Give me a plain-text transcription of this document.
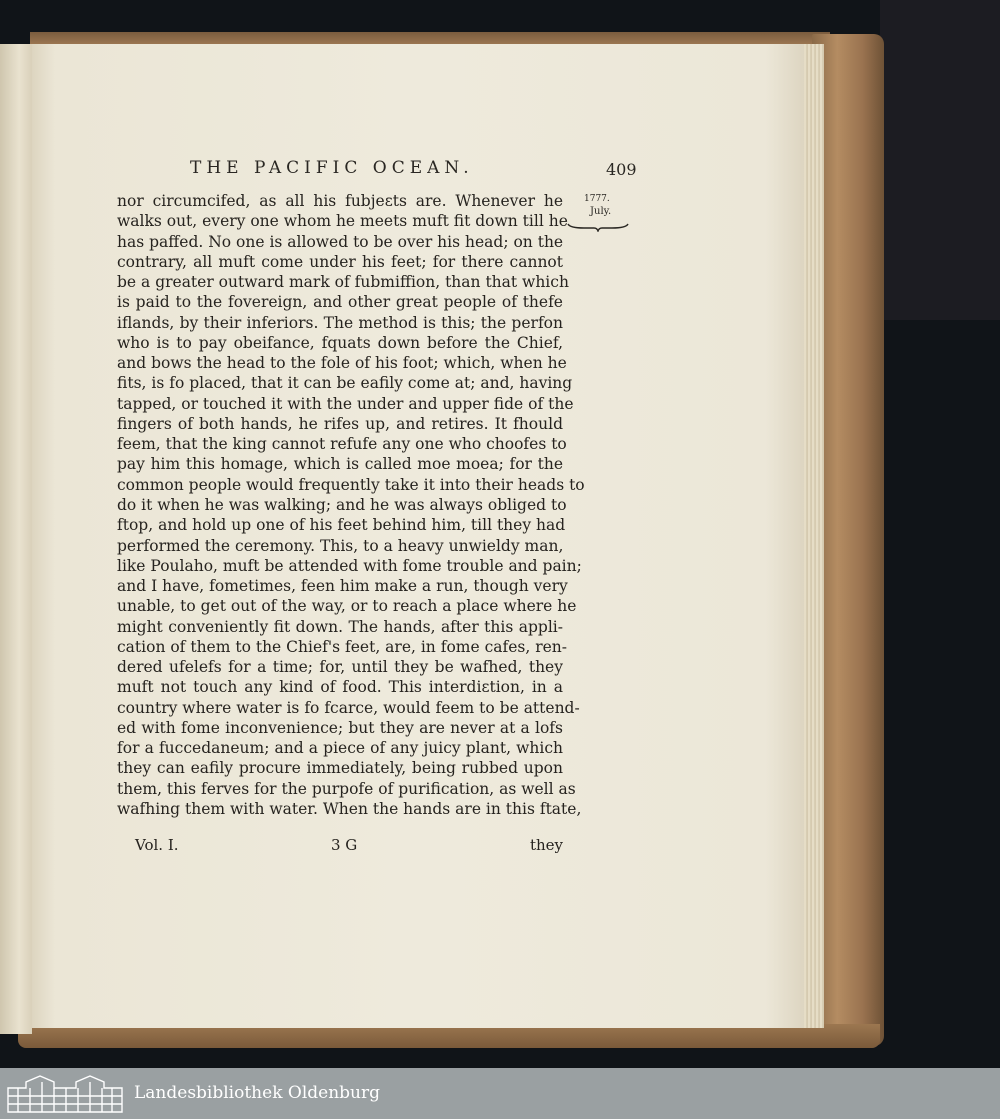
THE PACIFIC OCEAN.	409
1777.
July.
nor circumcifed, as all his fubjeɛts are. Whenever he
walks out, every one whom he meets muft fit down till he
has paffed. No one is allowed to be over his head; on the
contrary, all muft come under his feet; for there cannot
be a greater outward mark of fubmiffion, than that which
is paid to the fovereign, and other great people of thefe
iflands, by their inferiors. The method is this; the perfon
who is to pay obeifance, fquats down before the Chief,
and bows the head to the fole of his foot; which, when he
fits, is fo placed, that it can be eafily come at; and, having
tapped, or touched it with the under and upper fide of the
fingers of both hands, he rifes up, and retires. It fhould
feem, that the king cannot refufe any one who choofes to
pay him this homage, which is called moe moea; for the
common people would frequently take it into their heads to
do it when he was walking; and he was always obliged to
ftop, and hold up one of his feet behind him, till they had
performed the ceremony. This, to a heavy unwieldy man,
like Poulaho, muft be attended with fome trouble and pain;
and I have, fometimes, feen him make a run, though very
unable, to get out of the way, or to reach a place where he
might conveniently fit down. The hands, after this appli-
cation of them to the Chief's feet, are, in fome cafes, ren-
dered ufelefs for a time; for, until they be wafhed, they
muft not touch any kind of food. This interdiɛtion, in a
country where water is fo fcarce, would feem to be attend-
ed with fome inconvenience; but they are never at a lofs
for a fuccedaneum; and a piece of any juicy plant, which
they can eafily procure immediately, being rubbed upon
them, this ferves for the purpofe of purification, as well as
wafhing them with water. When the hands are in this ftate,
Vol. I.	3 G	they
Landesbibliothek Oldenburg
